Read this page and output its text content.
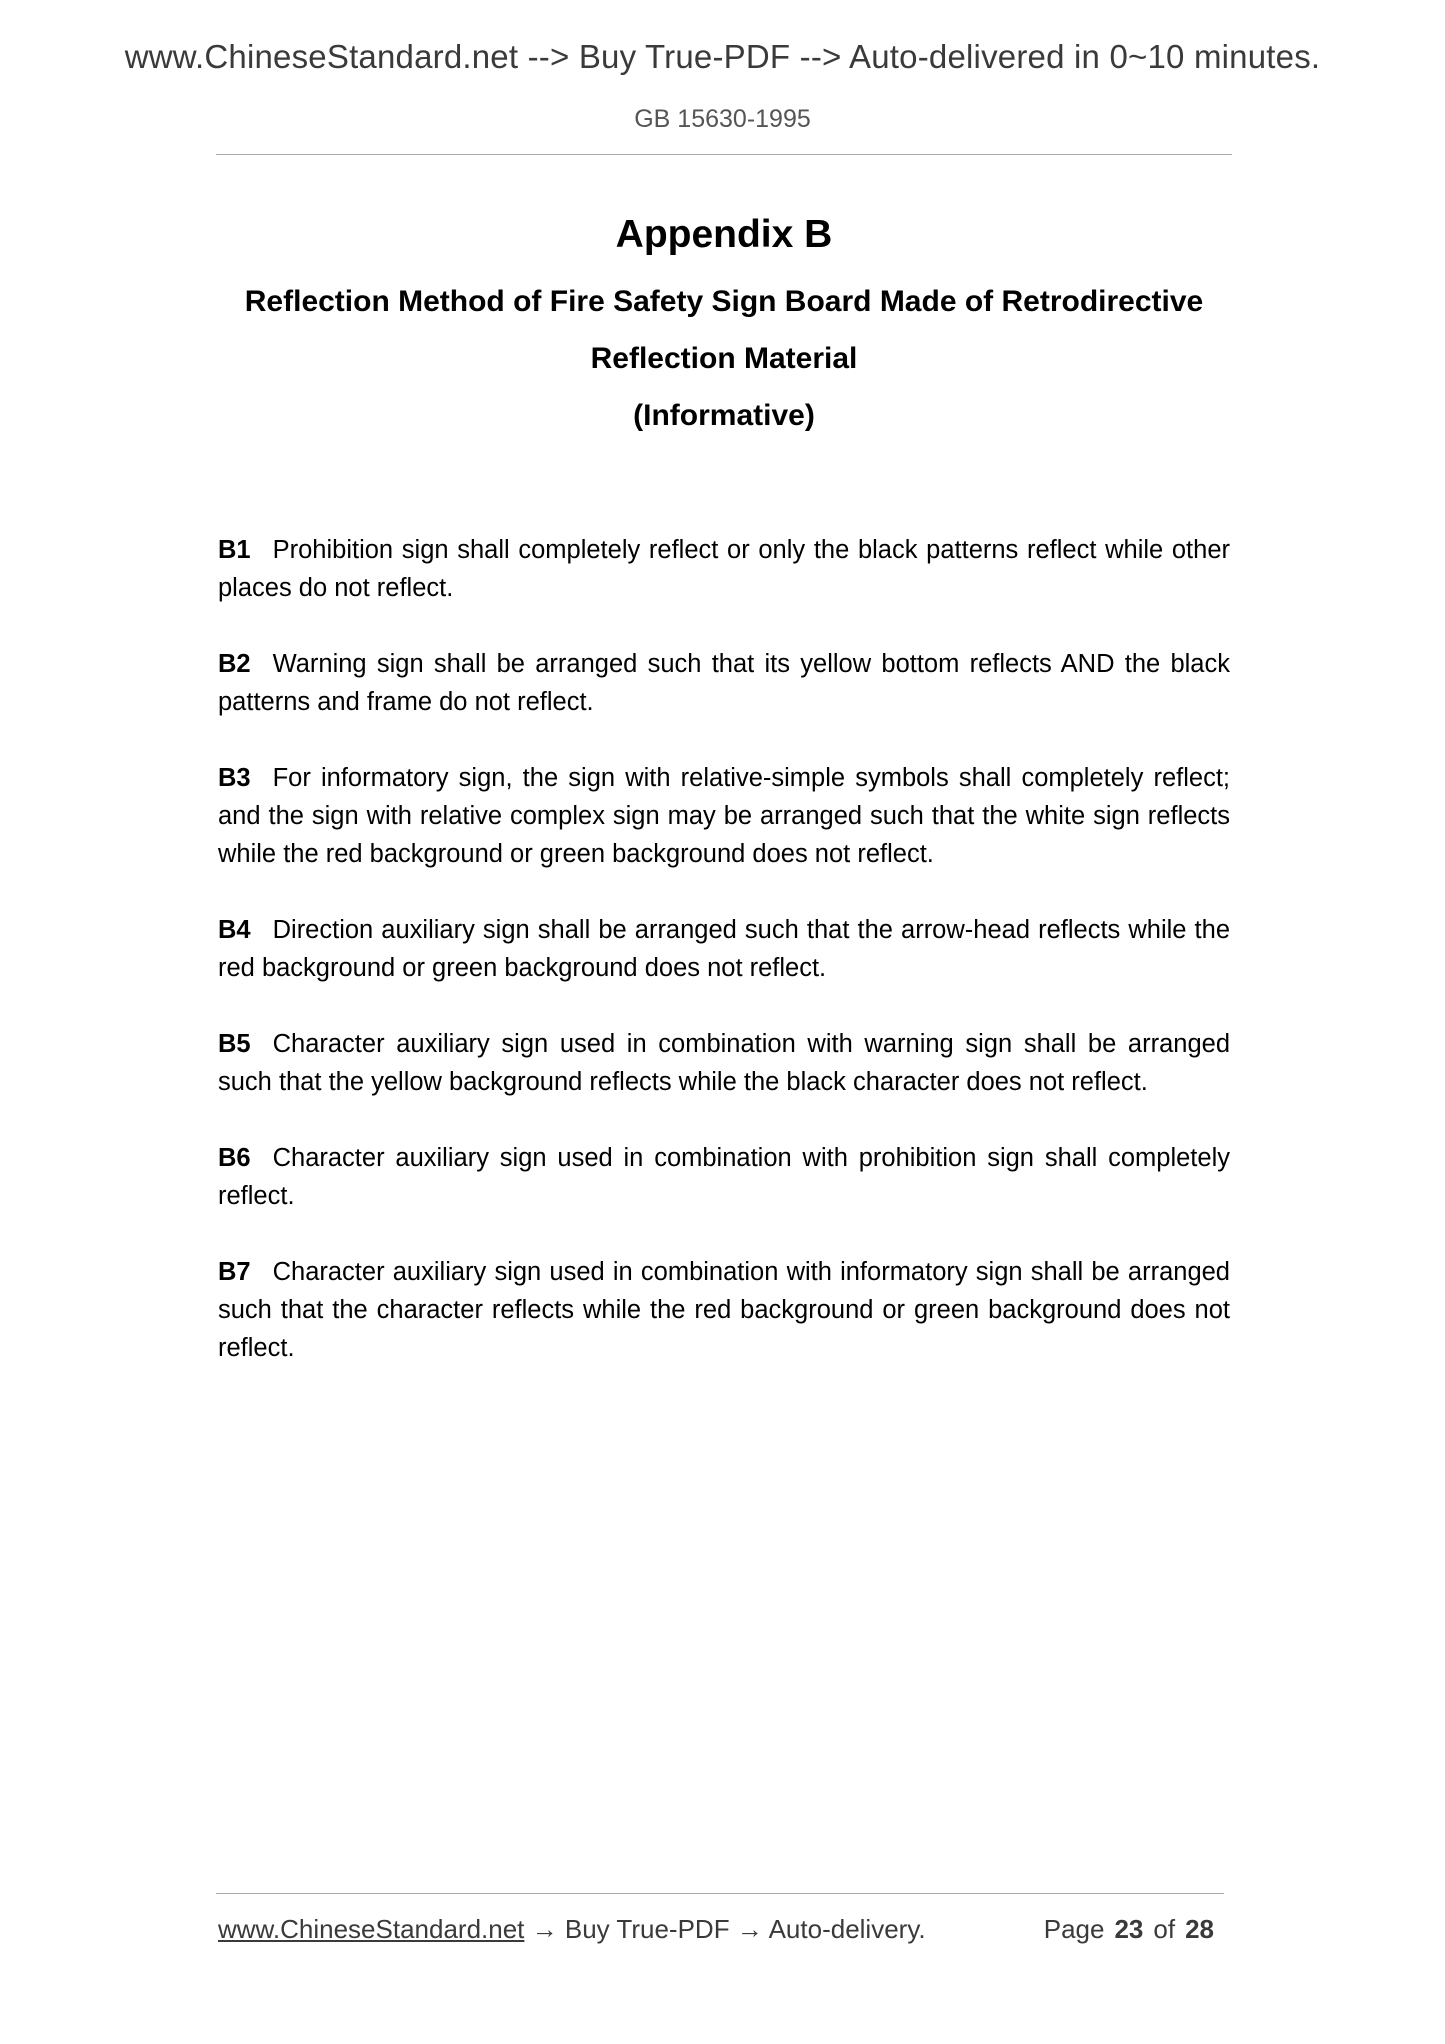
www.ChineseStandard.net --> Buy True-PDF --> Auto-delivered in 0~10 minutes.
GB 15630-1995
Appendix B
Reflection Method of Fire Safety Sign Board Made of Retrodirective
Reflection Material
(Informative)
B1 Prohibition sign shall completely reflect or only the black patterns reflect while other places do not reflect.
B2 Warning sign shall be arranged such that its yellow bottom reflects AND the black patterns and frame do not reflect.
B3 For informatory sign, the sign with relative-simple symbols shall completely reflect; and the sign with relative complex sign may be arranged such that the white sign reflects while the red background or green background does not reflect.
B4 Direction auxiliary sign shall be arranged such that the arrow-head reflects while the red background or green background does not reflect.
B5 Character auxiliary sign used in combination with warning sign shall be arranged such that the yellow background reflects while the black character does not reflect.
B6 Character auxiliary sign used in combination with prohibition sign shall completely reflect.
B7 Character auxiliary sign used in combination with informatory sign shall be arranged such that the character reflects while the red background or green background does not reflect.
www.ChineseStandard.net → Buy True-PDF → Auto-delivery.	Page 23 of 28
